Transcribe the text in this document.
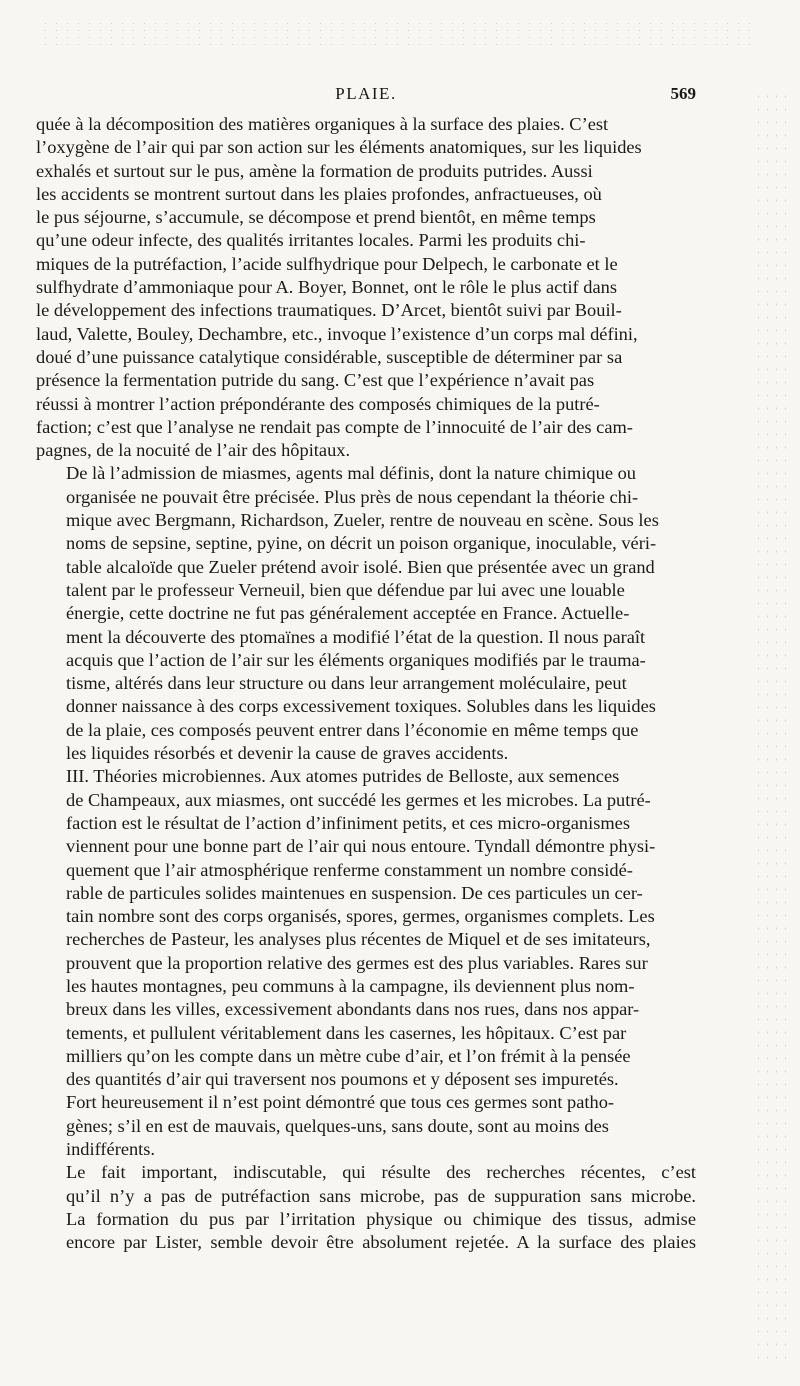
PLAIE.	569

quée à la décomposition des matières organiques à la surface des plaies. C’est
l’oxygène de l’air qui par son action sur les éléments anatomiques, sur les liquides
exhalés et surtout sur le pus, amène la formation de produits putrides. Aussi
les accidents se montrent surtout dans les plaies profondes, anfractueuses, où
le pus séjourne, s’accumule, se décompose et prend bientôt, en même temps
qu’une odeur infecte, des qualités irritantes locales. Parmi les produits chi-
miques de la putréfaction, l’acide sulfhydrique pour Delpech, le carbonate et le
sulfhydrate d’ammoniaque pour A. Boyer, Bonnet, ont le rôle le plus actif dans
le développement des infections traumatiques. D’Arcet, bientôt suivi par Bouil-
laud, Valette, Bouley, Dechambre, etc., invoque l’existence d’un corps mal défini,
doué d’une puissance catalytique considérable, susceptible de déterminer par sa
présence la fermentation putride du sang. C’est que l’expérience n’avait pas
réussi à montrer l’action prépondérante des composés chimiques de la putré-
faction; c’est que l’analyse ne rendait pas compte de l’innocuité de l’air des cam-
pagnes, de la nocuité de l’air des hôpitaux.

De là l’admission de miasmes, agents mal définis, dont la nature chimique ou
organisée ne pouvait être précisée. Plus près de nous cependant la théorie chi-
mique avec Bergmann, Richardson, Zueler, rentre de nouveau en scène. Sous les
noms de sepsine, septine, pyine, on décrit un poison organique, inoculable, véri-
table alcaloïde que Zueler prétend avoir isolé. Bien que présentée avec un grand
talent par le professeur Verneuil, bien que défendue par lui avec une louable
énergie, cette doctrine ne fut pas généralement acceptée en France. Actuelle-
ment la découverte des ptomaïnes a modifié l’état de la question. Il nous paraît
acquis que l’action de l’air sur les éléments organiques modifiés par le trauma-
tisme, altérés dans leur structure ou dans leur arrangement moléculaire, peut
donner naissance à des corps excessivement toxiques. Solubles dans les liquides
de la plaie, ces composés peuvent entrer dans l’économie en même temps que
les liquides résorbés et devenir la cause de graves accidents.

III. Théories microbiennes. Aux atomes putrides de Belloste, aux semences
de Champeaux, aux miasmes, ont succédé les germes et les microbes. La putré-
faction est le résultat de l’action d’infiniment petits, et ces micro-organismes
viennent pour une bonne part de l’air qui nous entoure. Tyndall démontre physi-
quement que l’air atmosphérique renferme constamment un nombre considé-
rable de particules solides maintenues en suspension. De ces particules un cer-
tain nombre sont des corps organisés, spores, germes, organismes complets. Les
recherches de Pasteur, les analyses plus récentes de Miquel et de ses imitateurs,
prouvent que la proportion relative des germes est des plus variables. Rares sur
les hautes montagnes, peu communs à la campagne, ils deviennent plus nom-
breux dans les villes, excessivement abondants dans nos rues, dans nos appar-
tements, et pullulent véritablement dans les casernes, les hôpitaux. C’est par
milliers qu’on les compte dans un mètre cube d’air, et l’on frémit à la pensée
des quantités d’air qui traversent nos poumons et y déposent ses impuretés.
Fort heureusement il n’est point démontré que tous ces germes sont patho-
gènes; s’il en est de mauvais, quelques-uns, sans doute, sont au moins des
indifférents.

Le fait important, indiscutable, qui résulte des recherches récentes, c’est
qu’il n’y a pas de putréfaction sans microbe, pas de suppuration sans microbe.
La formation du pus par l’irritation physique ou chimique des tissus, admise
encore par Lister, semble devoir être absolument rejetée. A la surface des plaies
